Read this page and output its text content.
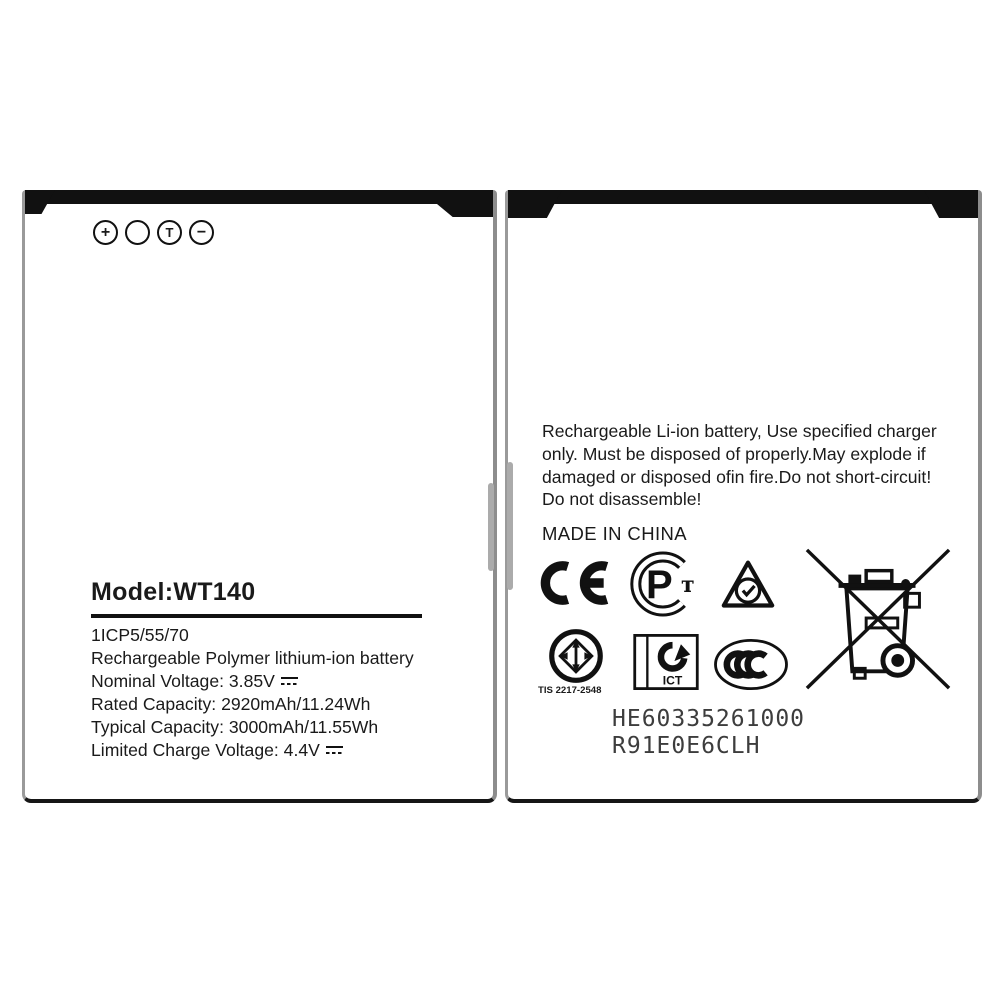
+	T	−
Model:WT140
1ICP5/55/70
Rechargeable Polymer lithium-ion battery
Nominal Voltage: 3.85V
Rated Capacity: 2920mAh/11.24Wh
Typical Capacity: 3000mAh/11.55Wh
Limited Charge Voltage: 4.4V
Rechargeable Li-ion battery, Use specified charger
only. Must be disposed of properly.May explode if
damaged or disposed ofin fire.Do not short-circuit!
Do not disassemble!
MADE IN CHINA
P т
TIS 2217-2548
ICT
HE60335261000
R91E0E6CLH
